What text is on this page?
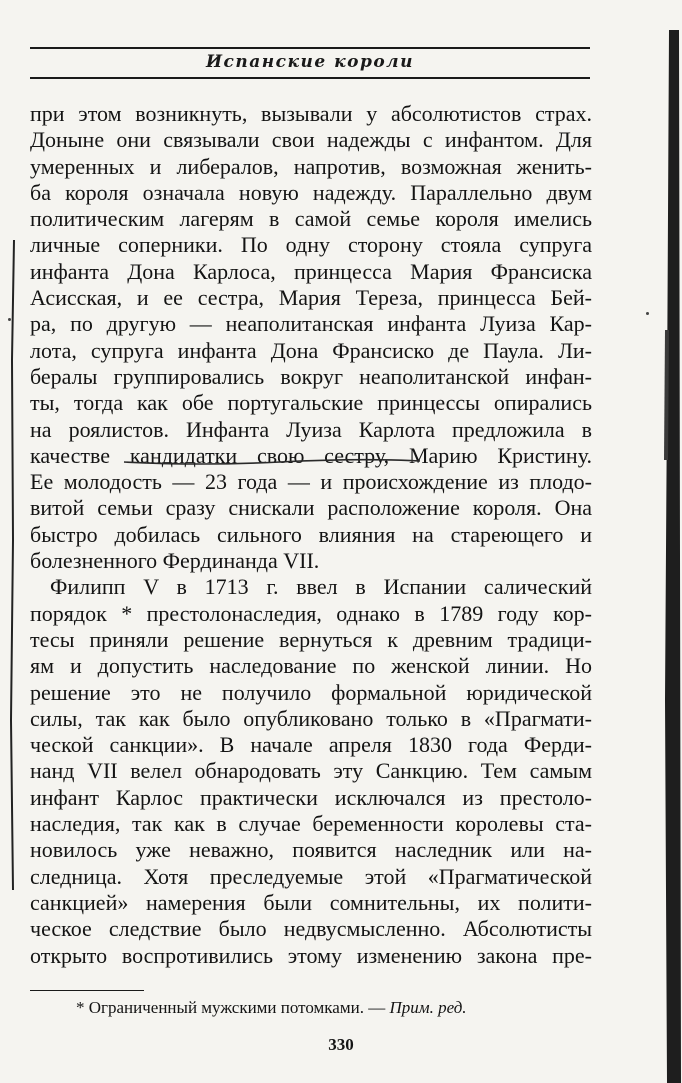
Испанские короли
при этом возникнуть, вызывали у абсолютистов страх.
Доныне они связывали свои надежды с инфантом. Для
умеренных и либералов, напротив, возможная женить-
ба короля означала новую надежду. Параллельно двум
политическим лагерям в самой семье короля имелись
личные соперники. По одну сторону стояла супруга
инфанта Дона Карлоса, принцесса Мария Франсиска
Асисская, и ее сестра, Мария Тереза, принцесса Бей-
ра, по другую — неаполитанская инфанта Луиза Кар-
лота, супруга инфанта Дона Франсиско де Паула. Ли-
бералы группировались вокруг неаполитанской инфан-
ты, тогда как обе португальские принцессы опирались
на роялистов. Инфанта Луиза Карлота предложила в
качестве кандидатки свою сестру, Марию Кристину.
Ее молодость — 23 года — и происхождение из плодо-
витой семьи сразу снискали расположение короля. Она
быстро добилась сильного влияния на стареющего и
болезненного Фердинанда VII.
Филипп V в 1713 г. ввел в Испании салический
порядок * престолонаследия, однако в 1789 году кор-
тесы приняли решение вернуться к древним традици-
ям и допустить наследование по женской линии. Но
решение это не получило формальной юридической
силы, так как было опубликовано только в «Прагмати-
ческой санкции». В начале апреля 1830 года Ферди-
нанд VII велел обнародовать эту Санкцию. Тем самым
инфант Карлос практически исключался из престоло-
наследия, так как в случае беременности королевы ста-
новилось уже неважно, появится наследник или на-
следница. Хотя преследуемые этой «Прагматической
санкцией» намерения были сомнительны, их полити-
ческое следствие было недвусмысленно. Абсолютисты
открыто воспротивились этому изменению закона пре-
* Ограниченный мужскими потомками. — Прим. ред.
330
